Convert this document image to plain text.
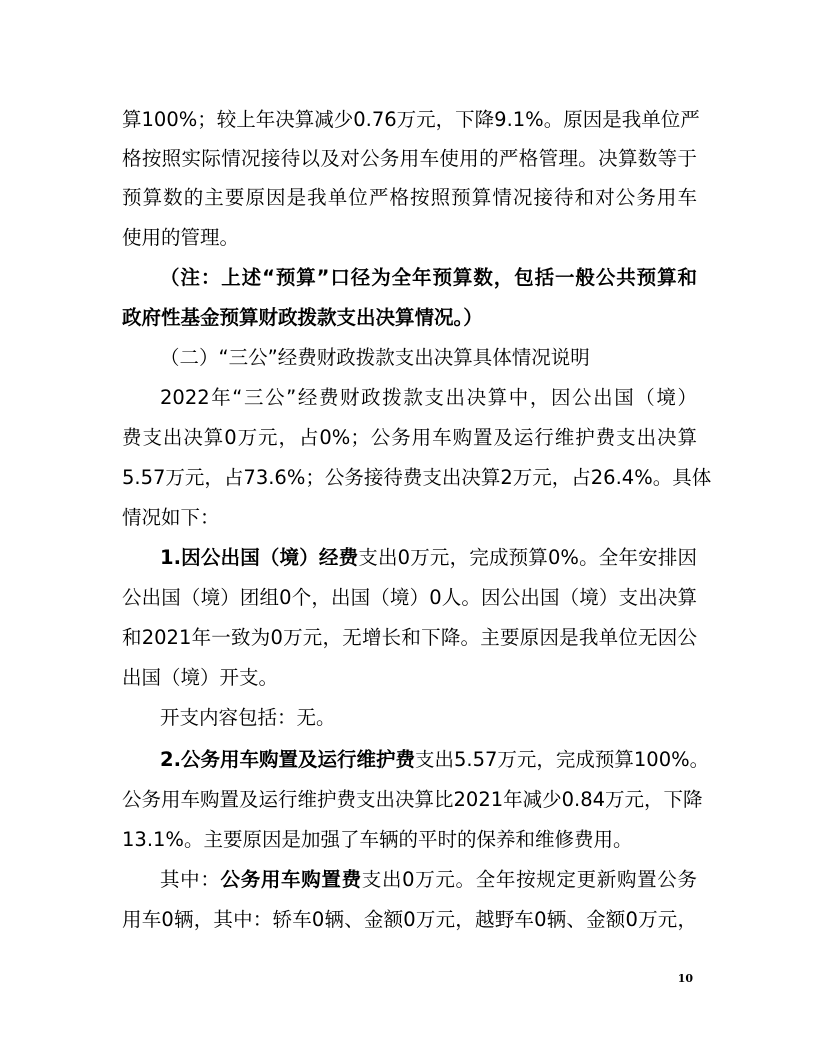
算100%；较上年决算减少0.76万元，下降9.1%。原因是我单位严

格按照实际情况接待以及对公务用车使用的严格管理。决算数等于

预算数的主要原因是我单位严格按照预算情况接待和对公务用车

使用的管理。

（注：上述“预算”口径为全年预算数，包括一般公共预算和

政府性基金预算财政拨款支出决算情况。）

（二）“三公”经费财政拨款支出决算具体情况说明

2022年“三公”经费财政拨款支出决算中，因公出国（境）

费支出决算0万元，占0%；公务用车购置及运行维护费支出决算

5.57万元，占73.6%；公务接待费支出决算2万元，占26.4%。具体

情况如下：

1.因公出国（境）经费支出0万元，完成预算0%。全年安排因

公出国（境）团组0个，出国（境）0人。因公出国（境）支出决算

和2021年一致为0万元，无增长和下降。主要原因是我单位无因公

出国（境）开支。

开支内容包括：无。

2.公务用车购置及运行维护费支出5.57万元，完成预算100%。

公务用车购置及运行维护费支出决算比2021年减少0.84万元，下降

13.1%。主要原因是加强了车辆的平时的保养和维修费用。

其中：公务用车购置费支出0万元。全年按规定更新购置公务

用车0辆，其中：轿车0辆、金额0万元，越野车0辆、金额0万元，

10
